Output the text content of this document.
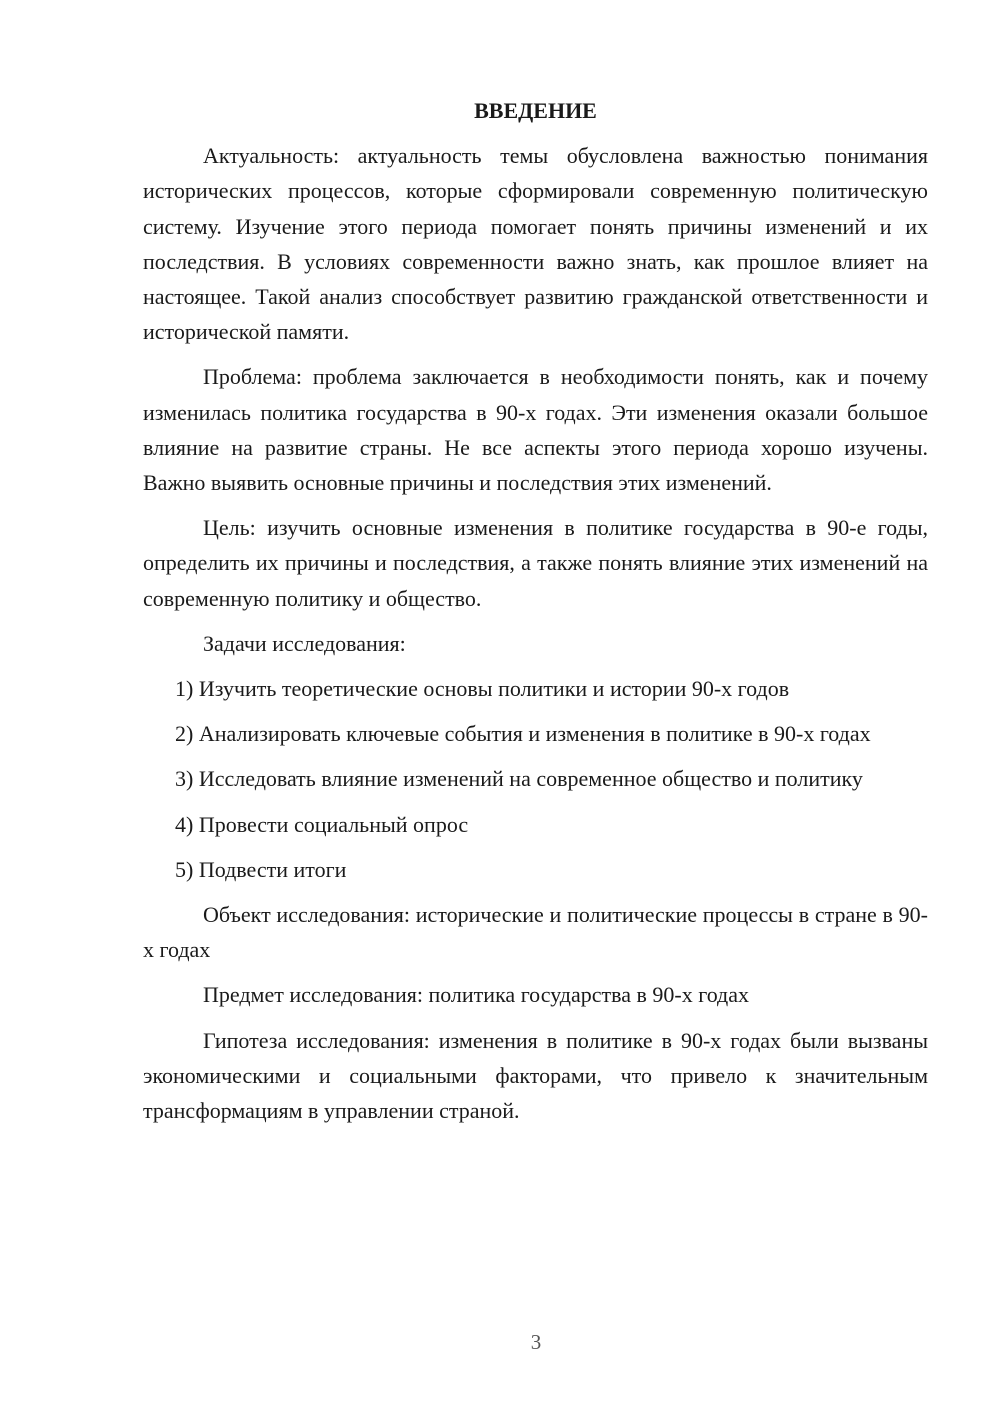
ВВЕДЕНИЕ

Актуальность: актуальность темы обусловлена важностью понимания исторических процессов, которые сформировали современную политическую систему. Изучение этого периода помогает понять причины изменений и их последствия. В условиях современности важно знать, как прошлое влияет на настоящее. Такой анализ способствует развитию гражданской ответственности и исторической памяти.

Проблема: проблема заключается в необходимости понять, как и почему изменилась политика государства в 90-х годах. Эти изменения оказали большое влияние на развитие страны. Не все аспекты этого периода хорошо изучены. Важно выявить основные причины и последствия этих изменений.

Цель: изучить основные изменения в политике государства в 90-е годы, определить их причины и последствия, а также понять влияние этих изменений на современную политику и общество.

Задачи исследования:

1) Изучить теоретические основы политики и истории 90-х годов

2) Анализировать ключевые события и изменения в политике в 90-х годах

3) Исследовать влияние изменений на современное общество и политику

4) Провести социальный опрос

5) Подвести итоги

Объект исследования: исторические и политические процессы в стране в 90-х годах

Предмет исследования: политика государства в 90-х годах

Гипотеза исследования: изменения в политике в 90-х годах были вызваны экономическими и социальными факторами, что привело к значительным трансформациям в управлении страной.

3
